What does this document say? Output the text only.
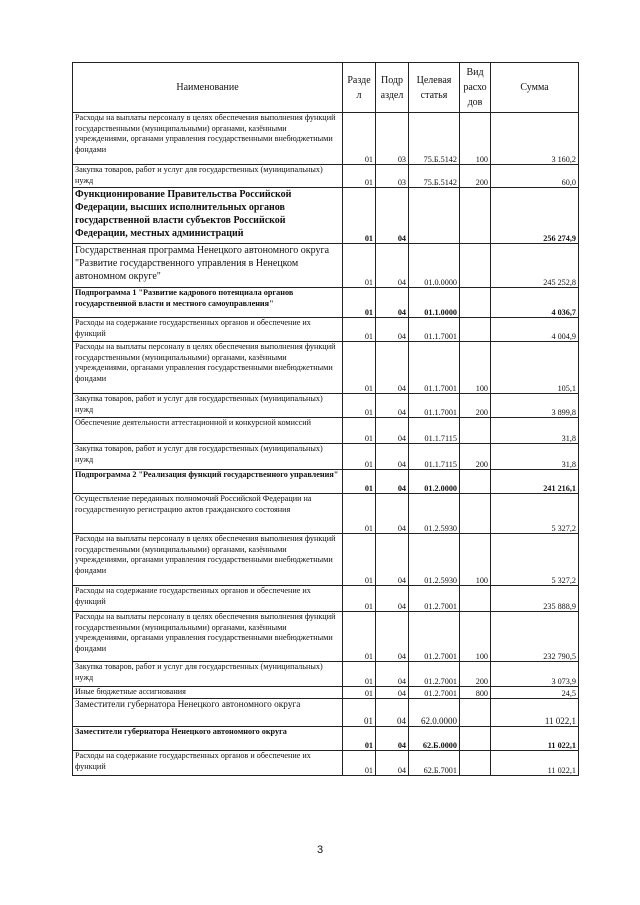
Наименование	Разде л	Подр аздел	Целевая статья	Вид расхо дов	Сумма
Расходы на выплаты персоналу в целях обеспечения выполнения функций государственными (муниципальными) органами, казёнными учреждениями, органами управления государственными внебюджетными фондами	01	03	75.Б.5142	100	3 160,2
Закупка товаров, работ и услуг для государственных (муниципальных) нужд	01	03	75.Б.5142	200	60,0
Функционирование Правительства Российской Федерации, высших исполнительных органов государственной власти субъектов Российской Федерации, местных администраций	01	04			256 274,9
Государственная программа Ненецкого автономного округа "Развитие государственного управления в Ненецком автономном округе"	01	04	01.0.0000		245 252,8
Подпрограмма 1 "Развитие кадрового потенциала органов государственной власти и местного самоуправления"	01	04	01.1.0000		4 036,7
Расходы на содержание государственных органов и обеспечение их функций	01	04	01.1.7001		4 004,9
Расходы на выплаты персоналу в целях обеспечения выполнения функций государственными (муниципальными) органами, казёнными учреждениями, органами управления государственными внебюджетными фондами	01	04	01.1.7001	100	105,1
Закупка товаров, работ и услуг для государственных (муниципальных) нужд	01	04	01.1.7001	200	3 899,8
Обеспечение деятельности аттестационной и конкурсной комиссий	01	04	01.1.7115		31,8
Закупка товаров, работ и услуг для государственных (муниципальных) нужд	01	04	01.1.7115	200	31,8
Подпрограмма 2 "Реализация функций государственного управления"	01	04	01.2.0000		241 216,1
Осуществление переданных полномочий Российской Федерации на государственную регистрацию актов гражданского состояния	01	04	01.2.5930		5 327,2
Расходы на выплаты персоналу в целях обеспечения выполнения функций государственными (муниципальными) органами, казёнными учреждениями, органами управления государственными внебюджетными фондами	01	04	01.2.5930	100	5 327,2
Расходы на содержание государственных органов и обеспечение их функций	01	04	01.2.7001		235 888,9
Расходы на выплаты персоналу в целях обеспечения выполнения функций государственными (муниципальными) органами, казёнными учреждениями, органами управления государственными внебюджетными фондами	01	04	01.2.7001	100	232 790,5
Закупка товаров, работ и услуг для государственных (муниципальных) нужд	01	04	01.2.7001	200	3 073,9
Иные бюджетные ассигнования	01	04	01.2.7001	800	24,5
Заместители губернатора Ненецкого автономного округа	01	04	62.0.0000		11 022,1
Заместители губернатора Ненецкого автономного округа	01	04	62.Б.0000		11 022,1
Расходы на содержание государственных органов и обеспечение их функций	01	04	62.Б.7001		11 022,1
3
